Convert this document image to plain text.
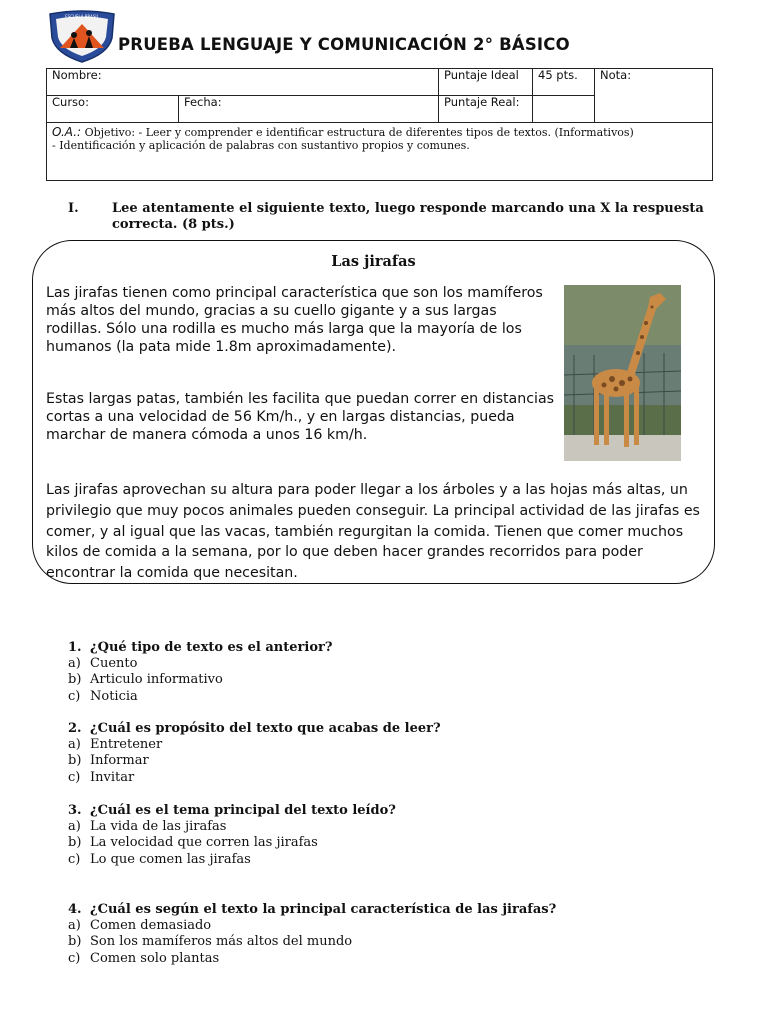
ESCUELA BRASIL
PRUEBA LENGUAJE Y COMUNICACIÓN 2° BÁSICO
Nombre:		Puntaje Ideal	45 pts.	Nota:
Curso:	Fecha:	Puntaje Real:		
O.A.: Objetivo: - Leer y comprender e identificar estructura de diferentes tipos de textos. (Informativos)
- Identificación y aplicación de palabras con sustantivo propios y comunes.				
I.	Lee atentamente el siguiente texto, luego responde marcando una X la respuesta correcta. (8 pts.)
Las jirafas

Las jirafas tienen como principal característica que son los mamíferos más altos del mundo, gracias a su cuello gigante y a sus largas rodillas. Sólo una rodilla es mucho más larga que la mayoría de los humanos (la pata mide 1.8m aproximadamente).

Estas largas patas, también les facilita que puedan correr en distancias cortas a una velocidad de 56 Km/h., y en largas distancias, pueda marchar de manera cómoda a unos 16 km/h.

Las jirafas aprovechan su altura para poder llegar a los árboles y a las hojas más altas, un privilegio que muy pocos animales pueden conseguir. La principal actividad de las jirafas es comer, y al igual que las vacas, también regurgitan la comida. Tienen que comer muchos kilos de comida a la semana, por lo que deben hacer grandes recorridos para poder encontrar la comida que necesitan.

1. ¿Qué tipo de texto es el anterior?
a) Cuento
b) Articulo informativo
c) Noticia
2. ¿Cuál es propósito del texto que acabas de leer?
a) Entretener
b) Informar
c) Invitar
3. ¿Cuál es el tema principal del texto leído?
a) La vida de las jirafas
b) La velocidad que corren las jirafas
c) Lo que comen las jirafas
4. ¿Cuál es según el texto la principal característica de las jirafas?
a) Comen demasiado
b) Son los mamíferos más altos del mundo
c) Comen solo plantas
